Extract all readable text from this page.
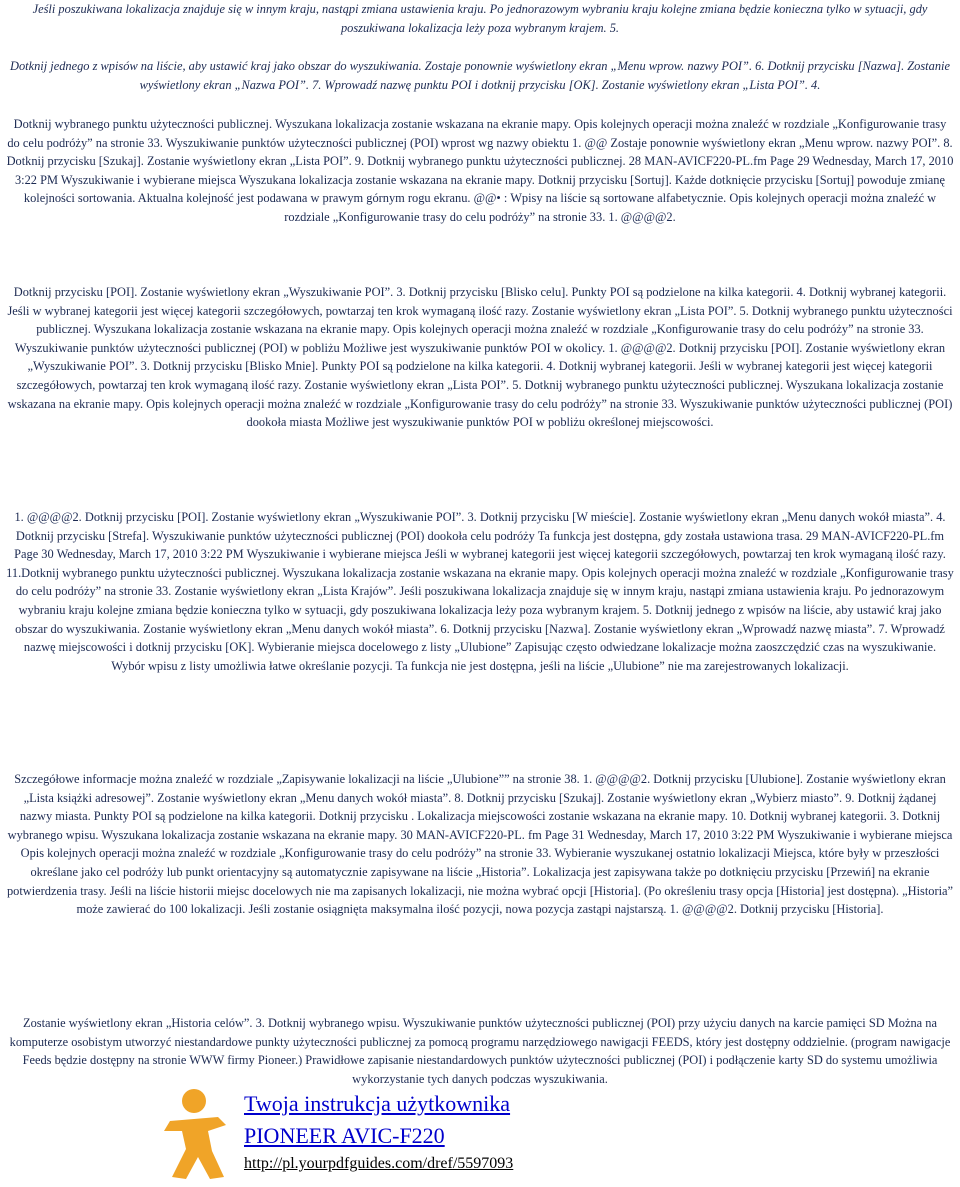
Jeśli poszukiwana lokalizacja znajduje się w innym kraju, nastąpi zmiana ustawienia kraju. Po jednorazowym wybraniu kraju kolejne zmiana będzie konieczna tylko w sytuacji, gdy poszukiwana lokalizacja leży poza wybranym krajem. 5.

Dotknij jednego z wpisów na liście, aby ustawić kraj jako obszar do wyszukiwania. Zostaje ponownie wyświetlony ekran „Menu wprow. nazwy POI”. 6. Dotknij przycisku [Nazwa]. Zostanie wyświetlony ekran „Nazwa POI”. 7. Wprowadź nazwę punktu POI i dotknij przycisku [OK]. Zostanie wyświetlony ekran „Lista POI”. 4.

Dotknij wybranego punktu użyteczności publicznej. Wyszukana lokalizacja zostanie wskazana na ekranie mapy. Opis kolejnych operacji można znaleźć w rozdziale „Konfigurowanie trasy do celu podróży” na stronie 33. Wyszukiwanie punktów użyteczności publicznej (POI) wprost wg nazwy obiektu 1. @@ Zostaje ponownie wyświetlony ekran „Menu wprow. nazwy POI”. 8. Dotknij przycisku [Szukaj]. Zostanie wyświetlony ekran „Lista POI”. 9. Dotknij wybranego punktu użyteczności publicznej. 28 MAN-AVICF220-PL.fm Page 29 Wednesday, March 17, 2010 3:22 PM Wyszukiwanie i wybierane miejsca Wyszukana lokalizacja zostanie wskazana na ekranie mapy. Dotknij przycisku [Sortuj]. Każde dotknięcie przycisku [Sortuj] powoduje zmianę kolejności sortowania. Aktualna kolejność jest podawana w prawym górnym rogu ekranu. @@• : Wpisy na liście są sortowane alfabetycznie. Opis kolejnych operacji można znaleźć w rozdziale „Konfigurowanie trasy do celu podróży” na stronie 33. 1. @@@@2.

Dotknij przycisku [POI]. Zostanie wyświetlony ekran „Wyszukiwanie POI”. 3. Dotknij przycisku [Blisko celu]. Punkty POI są podzielone na kilka kategorii. 4. Dotknij wybranej kategorii. Jeśli w wybranej kategorii jest więcej kategorii szczegółowych, powtarzaj ten krok wymaganą ilość razy. Zostanie wyświetlony ekran „Lista POI”. 5. Dotknij wybranego punktu użyteczności publicznej. Wyszukana lokalizacja zostanie wskazana na ekranie mapy. Opis kolejnych operacji można znaleźć w rozdziale „Konfigurowanie trasy do celu podróży” na stronie 33. Wyszukiwanie punktów użyteczności publicznej (POI) w pobliżu Możliwe jest wyszukiwanie punktów POI w okolicy. 1. @@@@2. Dotknij przycisku [POI]. Zostanie wyświetlony ekran „Wyszukiwanie POI”. 3. Dotknij przycisku [Blisko Mnie]. Punkty POI są podzielone na kilka kategorii. 4. Dotknij wybranej kategorii. Jeśli w wybranej kategorii jest więcej kategorii szczegółowych, powtarzaj ten krok wymaganą ilość razy. Zostanie wyświetlony ekran „Lista POI”. 5. Dotknij wybranego punktu użyteczności publicznej. Wyszukana lokalizacja zostanie wskazana na ekranie mapy. Opis kolejnych operacji można znaleźć w rozdziale „Konfigurowanie trasy do celu podróży” na stronie 33. Wyszukiwanie punktów użyteczności publicznej (POI) dookoła miasta Możliwe jest wyszukiwanie punktów POI w pobliżu określonej miejscowości.

1. @@@@2. Dotknij przycisku [POI]. Zostanie wyświetlony ekran „Wyszukiwanie POI”. 3. Dotknij przycisku [W mieście]. Zostanie wyświetlony ekran „Menu danych wokół miasta”. 4. Dotknij przycisku [Strefa]. Wyszukiwanie punktów użyteczności publicznej (POI) dookoła celu podróży Ta funkcja jest dostępna, gdy została ustawiona trasa. 29 MAN-AVICF220-PL.fm Page 30 Wednesday, March 17, 2010 3:22 PM Wyszukiwanie i wybierane miejsca Jeśli w wybranej kategorii jest więcej kategorii szczegółowych, powtarzaj ten krok wymaganą ilość razy. 11.Dotknij wybranego punktu użyteczności publicznej. Wyszukana lokalizacja zostanie wskazana na ekranie mapy. Opis kolejnych operacji można znaleźć w rozdziale „Konfigurowanie trasy do celu podróży” na stronie 33. Zostanie wyświetlony ekran „Lista Krajów”. Jeśli poszukiwana lokalizacja znajduje się w innym kraju, nastąpi zmiana ustawienia kraju. Po jednorazowym wybraniu kraju kolejne zmiana będzie konieczna tylko w sytuacji, gdy poszukiwana lokalizacja leży poza wybranym krajem. 5. Dotknij jednego z wpisów na liście, aby ustawić kraj jako obszar do wyszukiwania. Zostanie wyświetlony ekran „Menu danych wokół miasta”. 6. Dotknij przycisku [Nazwa]. Zostanie wyświetlony ekran „Wprowadź nazwę miasta”. 7. Wprowadź nazwę miejscowości i dotknij przycisku [OK]. Wybieranie miejsca docelowego z listy „Ulubione” Zapisując często odwiedzane lokalizacje można zaoszczędzić czas na wyszukiwanie. Wybór wpisu z listy umożliwia łatwe określanie pozycji. Ta funkcja nie jest dostępna, jeśli na liście „Ulubione” nie ma zarejestrowanych lokalizacji.

Szczegółowe informacje można znaleźć w rozdziale „Zapisywanie lokalizacji na liście „Ulubione”” na stronie 38. 1. @@@@2. Dotknij przycisku [Ulubione]. Zostanie wyświetlony ekran „Lista książki adresowej”. Zostanie wyświetlony ekran „Menu danych wokół miasta”. 8. Dotknij przycisku [Szukaj]. Zostanie wyświetlony ekran „Wybierz miasto”. 9. Dotknij żądanej nazwy miasta. Punkty POI są podzielone na kilka kategorii. Dotknij przycisku . Lokalizacja miejscowości zostanie wskazana na ekranie mapy. 10. Dotknij wybranej kategorii. 3. Dotknij wybranego wpisu. Wyszukana lokalizacja zostanie wskazana na ekranie mapy. 30 MAN-AVICF220-PL. fm Page 31 Wednesday, March 17, 2010 3:22 PM Wyszukiwanie i wybierane miejsca Opis kolejnych operacji można znaleźć w rozdziale „Konfigurowanie trasy do celu podróży” na stronie 33. Wybieranie wyszukanej ostatnio lokalizacji Miejsca, które były w przeszłości określane jako cel podróży lub punkt orientacyjny są automatycznie zapisywane na liście „Historia”. Lokalizacja jest zapisywana także po dotknięciu przycisku [Przewiń] na ekranie potwierdzenia trasy. Jeśli na liście historii miejsc docelowych nie ma zapisanych lokalizacji, nie można wybrać opcji [Historia]. (Po określeniu trasy opcja [Historia] jest dostępna). „Historia” może zawierać do 100 lokalizacji. Jeśli zostanie osiągnięta maksymalna ilość pozycji, nowa pozycja zastąpi najstarszą. 1. @@@@2. Dotknij przycisku [Historia].

Zostanie wyświetlony ekran „Historia celów”. 3. Dotknij wybranego wpisu. Wyszukiwanie punktów użyteczności publicznej (POI) przy użyciu danych na karcie pamięci SD Można na komputerze osobistym utworzyć niestandardowe punkty użyteczności publicznej za pomocą programu narzędziowego nawigacji FEEDS, który jest dostępny oddzielnie. (program nawigacje Feeds będzie dostępny na stronie WWW firmy Pioneer.) Prawidłowe zapisanie niestandardowych punktów użyteczności publicznej (POI) i podłączenie karty SD do systemu umożliwia wykorzystanie tych danych podczas wyszukiwania.

Twoja instrukcja użytkownika
PIONEER AVIC-F220
http://pl.yourpdfguides.com/dref/5597093
